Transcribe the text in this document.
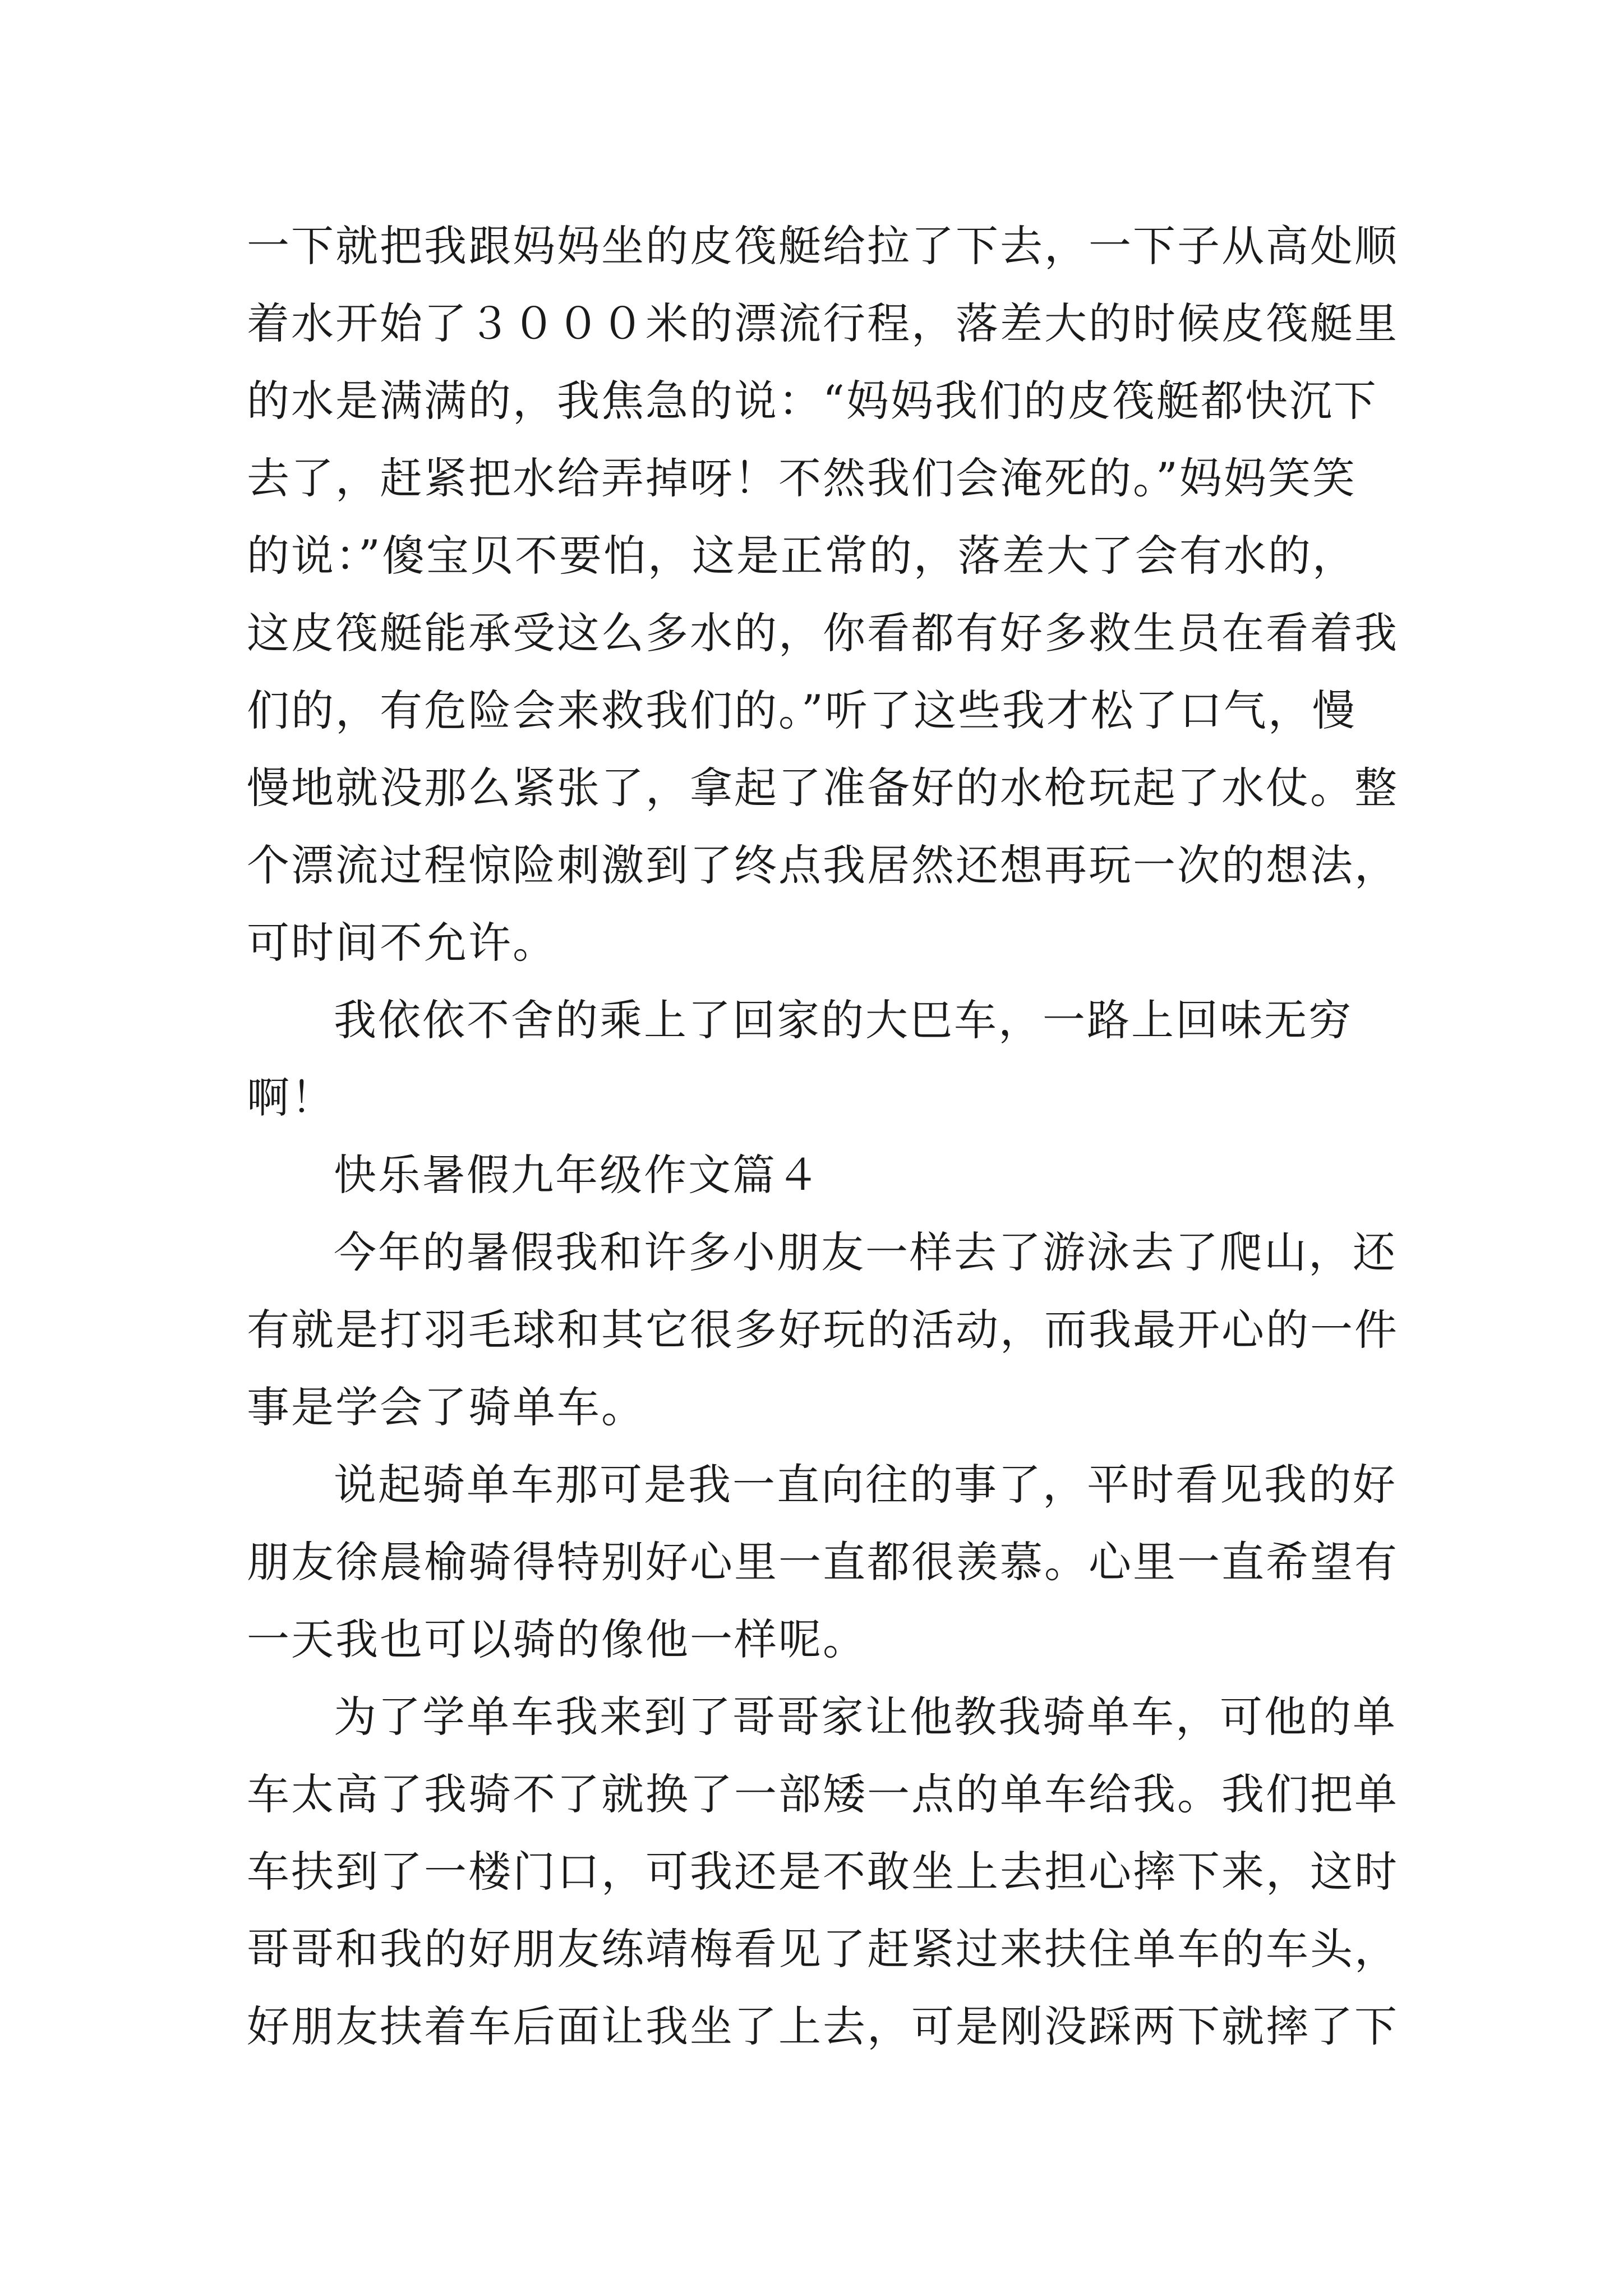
一下就把我跟妈妈坐的皮筏艇给拉了下去，一下子从高处顺
着水开始了３０００米的漂流行程，落差大的时候皮筏艇里
的水是满满的，我焦急的说：“妈妈我们的皮筏艇都快沉下
去了，赶紧把水给弄掉呀！不然我们会淹死的。”妈妈笑笑
的说：”傻宝贝不要怕，这是正常的，落差大了会有水的，
这皮筏艇能承受这么多水的，你看都有好多救生员在看着我
们的，有危险会来救我们的。”听了这些我才松了口气，慢
慢地就没那么紧张了，拿起了准备好的水枪玩起了水仗。整
个漂流过程惊险刺激到了终点我居然还想再玩一次的想法，
可时间不允许。
我依依不舍的乘上了回家的大巴车，一路上回味无穷
啊！
快乐暑假九年级作文篇４
今年的暑假我和许多小朋友一样去了游泳去了爬山，还
有就是打羽毛球和其它很多好玩的活动，而我最开心的一件
事是学会了骑单车。
说起骑单车那可是我一直向往的事了，平时看见我的好
朋友徐晨榆骑得特别好心里一直都很羡慕。心里一直希望有
一天我也可以骑的像他一样呢。
为了学单车我来到了哥哥家让他教我骑单车，可他的单
车太高了我骑不了就换了一部矮一点的单车给我。我们把单
车扶到了一楼门口，可我还是不敢坐上去担心摔下来，这时
哥哥和我的好朋友练靖梅看见了赶紧过来扶住单车的车头，
好朋友扶着车后面让我坐了上去，可是刚没踩两下就摔了下
